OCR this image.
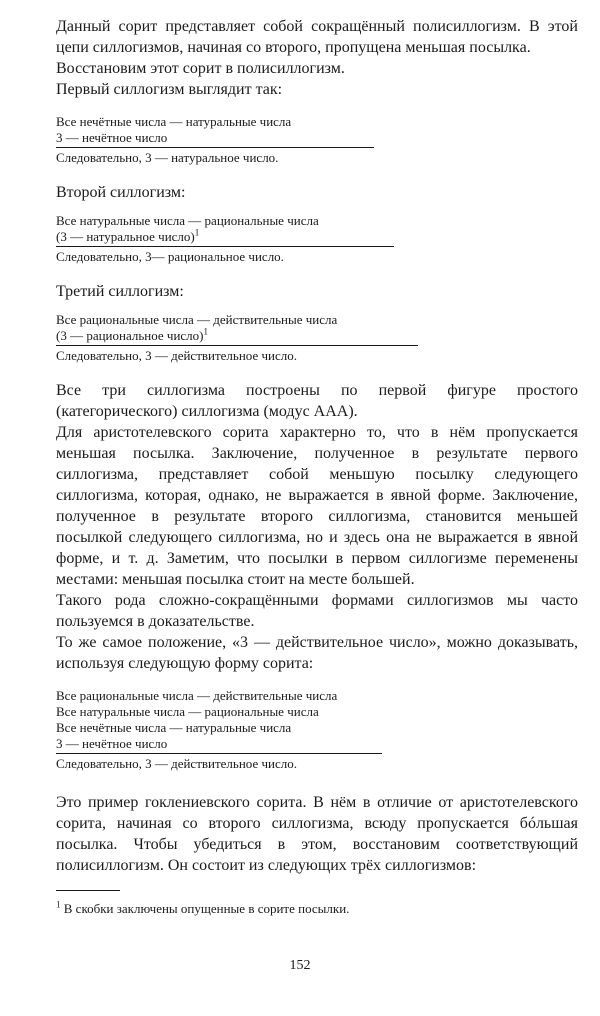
Данный сорит представляет собой сокращённый полисиллогизм. В этой цепи силлогизмов, начиная со второго, пропущена меньшая посылка.

Восстановим этот сорит в полисиллогизм.

Первый силлогизм выглядит так:

Все нечётные числа — натуральные числа
3 — нечётное число
Следовательно, 3 — натуральное число.

Второй силлогизм:

Все натуральные числа — рациональные числа
(3 — натуральное число)$^1$
Следовательно, 3— рациональное число.

Третий силлогизм:

Все рациональные числа — действительные числа
(3 — рациональное число)$^1$
Следовательно, 3 — действительное число.

Все три силлогизма построены по первой фигуре простого (категорического) силлогизма (модус AAA).

Для аристотелевского сорита характерно то, что в нём пропускается меньшая посылка. Заключение, полученное в результате первого силлогизма, представляет собой меньшую посылку следующего силлогизма, которая, однако, не выражается в явной форме. Заключение, полученное в результате второго силлогизма, становится меньшей посылкой следующего силлогизма, но и здесь она не выражается в явной форме, и т. д. Заметим, что посылки в первом силлогизме переменены местами: меньшая посылка стоит на месте большей.

Такого рода сложно-сокращёнными формами силлогизмов мы часто пользуемся в доказательстве.

То же самое положение, «3 — действительное число», можно доказывать, используя следующую форму сорита:

Все рациональные числа — действительные числа
Все натуральные числа — рациональные числа
Все нечётные числа — натуральные числа
3 — нечётное число
Следовательно, 3 — действительное число.

Это пример гоклениевского сорита. В нём в отличие от аристотелевского сорита, начиная со второго силлогизма, всюду пропускается бóльшая посылка. Чтобы убедиться в этом, восстановим соответствующий полисиллогизм. Он состоит из следующих трёх силлогизмов:

$^1$ В скобки заключены опущенные в сорите посылки.

152
